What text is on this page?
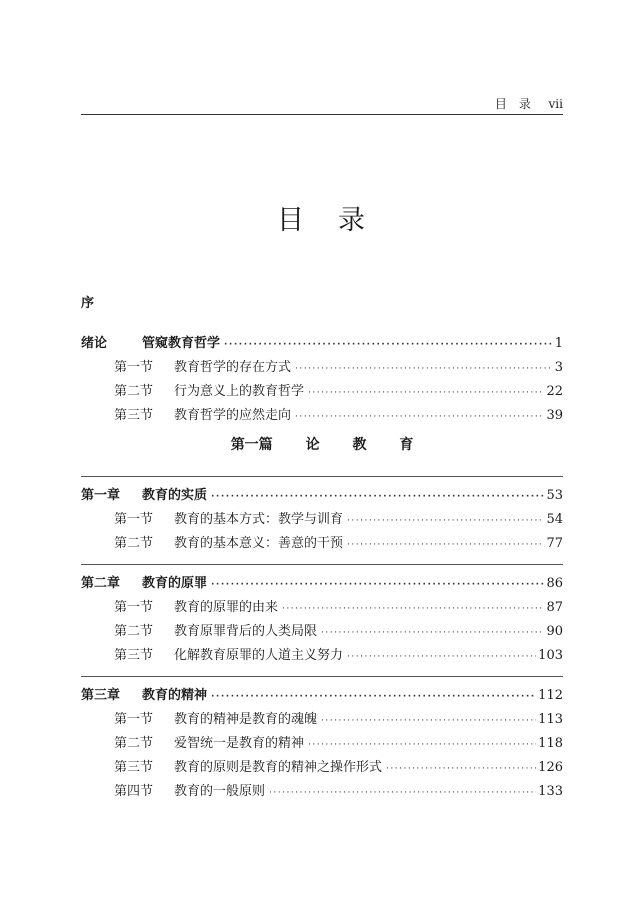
目　录 vii
目录
序
绪论	管窥教育哲学 ·····	1
第一节 教育哲学的存在方式 ·····	3
第二节 行为意义上的教育哲学 ·····	22
第三节 教育哲学的应然走向 ·····	39
第一篇 论 教 育
第一章 教育的实质 ·····	53
第一节 教育的基本方式：教学与训育 ·····	54
第二节 教育的基本意义：善意的干预 ·····	77
第二章 教育的原罪 ·····	86
第一节 教育的原罪的由来 ·····	87
第二节 教育原罪背后的人类局限 ·····	90
第三节 化解教育原罪的人道主义努力 ·····	103
第三章 教育的精神 ·····	112
第一节 教育的精神是教育的魂魄 ·····	113
第二节 爱智统一是教育的精神 ·····	118
第三节 教育的原则是教育的精神之操作形式 ·····	126
第四节 教育的一般原则 ·····	133
